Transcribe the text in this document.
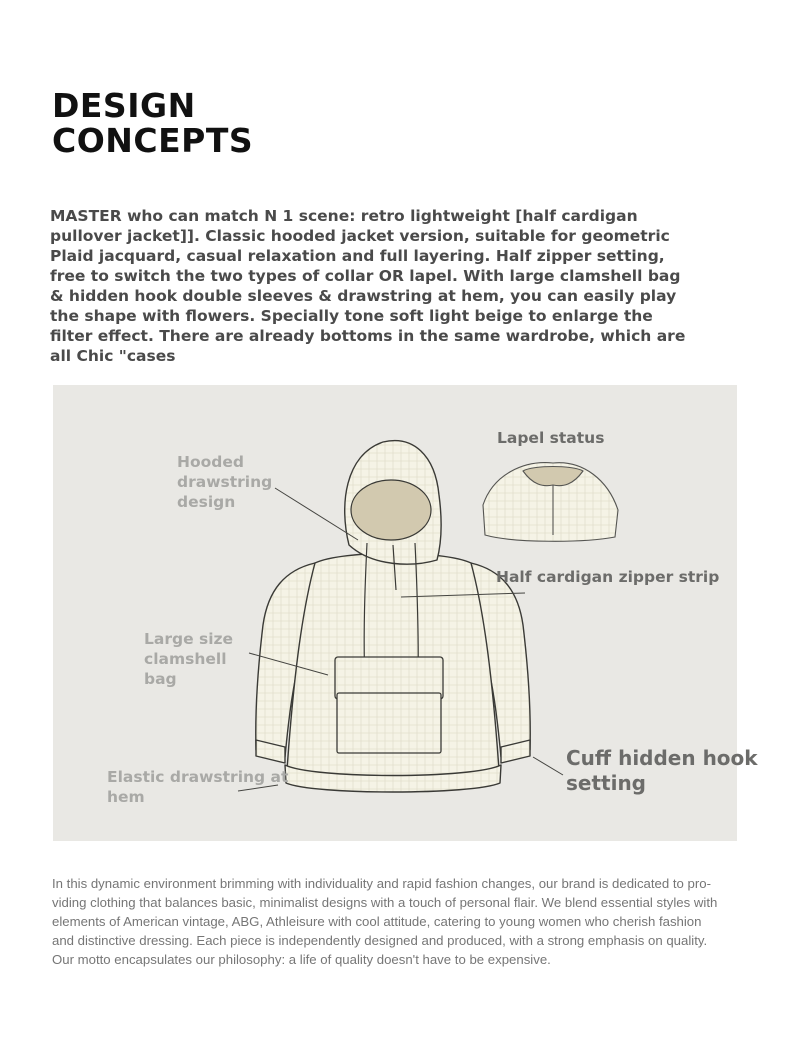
DESIGN
CONCEPTS
MASTER who can match N 1 scene: retro lightweight [half cardigan pullover jacket]]. Classic hooded jacket version, suitable for geometric Plaid jacquard, casual relaxation and full layering. Half zipper setting, free to switch the two types of collar OR lapel. With large clamshell bag & hidden hook double sleeves & drawstring at hem, you can easily play the shape with flowers. Specially tone soft light beige to enlarge the filter effect. There are already bottoms in the same wardrobe, which are all Chic "cases
Hooded
drawstring
design
Lapel status
Half cardigan zipper strip
Large size
clamshell
bag
Cuff hidden hook
setting
Elastic drawstring at
hem
In this dynamic environment brimming with individuality and rapid fashion changes, our brand is dedicated to pro-
viding clothing that balances basic, minimalist designs with a touch of personal flair. We blend essential styles with
elements of American vintage, ABG, Athleisure with cool attitude, catering to young women who cherish fashion
and distinctive dressing. Each piece is independently designed and produced, with a strong emphasis on quality.
Our motto encapsulates our philosophy: a life of quality doesn't have to be expensive.
